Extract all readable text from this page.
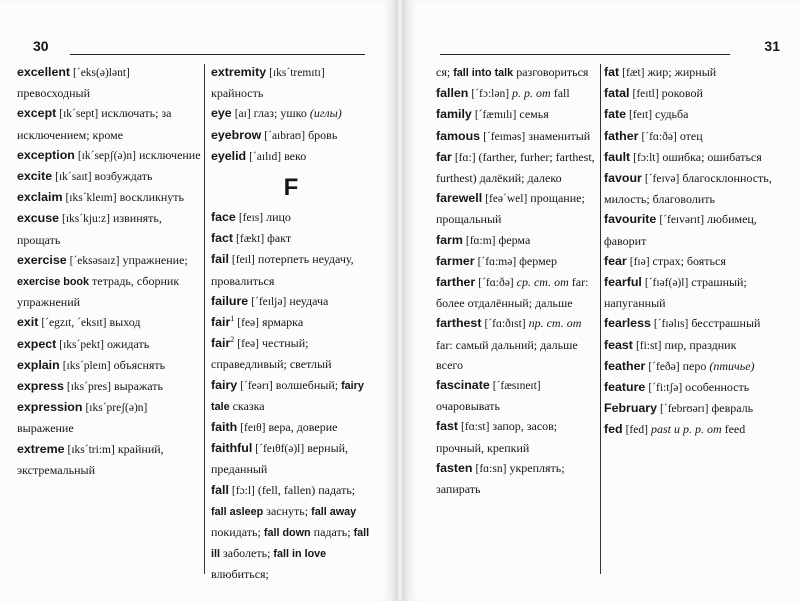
30

excellent [ˊeks(ə)lənt] превосходный

except [ɪkˊsept] исключать; за исключением; кроме

exception [ɪkˊsepʃ(ə)n] исключение

excite [ɪkˊsaɪt] возбуждать

exclaim [ɪksˊkleɪm] воскликнуть

excuse [ɪksˊkju:z] извинять, прощать

exercise [ˊeksəsaɪz] упражнение; exercise book тетрадь, сборник упражнений

exit [ˊegzɪt, ˊeksɪt] выход

expect [ɪksˊpekt] ожидать

explain [ɪksˊpleɪn] объяснять

express [ɪksˊpres] выражать

expression [ɪksˊpreʃ(ə)n] выражение

extreme [ɪksˊtri:m] крайний, экстремальный

extremity [ɪksˊtremɪtɪ] крайность

eye [aɪ] глаз; ушко (иглы)

eyebrow [ˊaɪbraʊ] бровь

eyelid [ˊaɪlɪd] веко

F

face [feɪs] лицо

fact [fækt] факт

fail [feɪl] потерпеть неудачу, провалиться

failure [ˊfeɪljə] неудача

fair$^1$ [feə] ярмарка

fair$^2$ [feə] честный; справедливый; светлый

fairy [ˊfeərɪ] волшебный; fairy tale сказка

faith [feɪθ] вера, доверие

faithful [ˊfeɪθf(ə)l] верный, преданный

fall [fɔ:l] (fell, fallen) падать; fall asleep заснуть; fall away покидать; fall down падать; fall ill заболеть; fall in love влюбиться;

31

ся; fall into talk разговориться

fallen [ˊfɔ:lən] p. p. от fall

family [ˊfæmɪlɪ] семья

famous [ˊfeɪməs] знаменитый

far [fɑ:] (farther, furher; farthest, furthest) далёкий; далеко

farewell [feəˊwel] прощание; прощальный

farm [fɑ:m] ферма

farmer [ˊfɑ:mə] фермер

farther [ˊfɑ:ðə] ср. ст. от far: более отдалённый; дальше

farthest [ˊfɑ:ðɪst] пр. ст. от far: самый дальний; дальше всего

fascinate [ˊfæsɪneɪt] очаровывать

fast [fɑ:st] запор, засов; прочный, крепкий

fasten [fɑ:sn] укреплять; запирать

fat [fæt] жир; жирный

fatal [feɪtl] роковой

fate [feɪt] судьба

father [ˊfɑ:ðə] отец

fault [fɔ:lt] ошибка; ошибаться

favour [ˊfeɪvə] благосклонность, милость; благоволить

favourite [ˊfeɪvərɪt] любимец, фаворит

fear [fɪə] страх; бояться

fearful [ˊfɪəf(ə)l] страшный; напуганный

fearless [ˊfɪəlɪs] бесстрашный

feast [fi:st] пир, праздник

feather [ˊfeðə] перо (птичье)

feature [ˊfi:tʃə] особенность

February [ˊfebrʊərɪ] февраль

fed [fed] past и p. p. от feed
